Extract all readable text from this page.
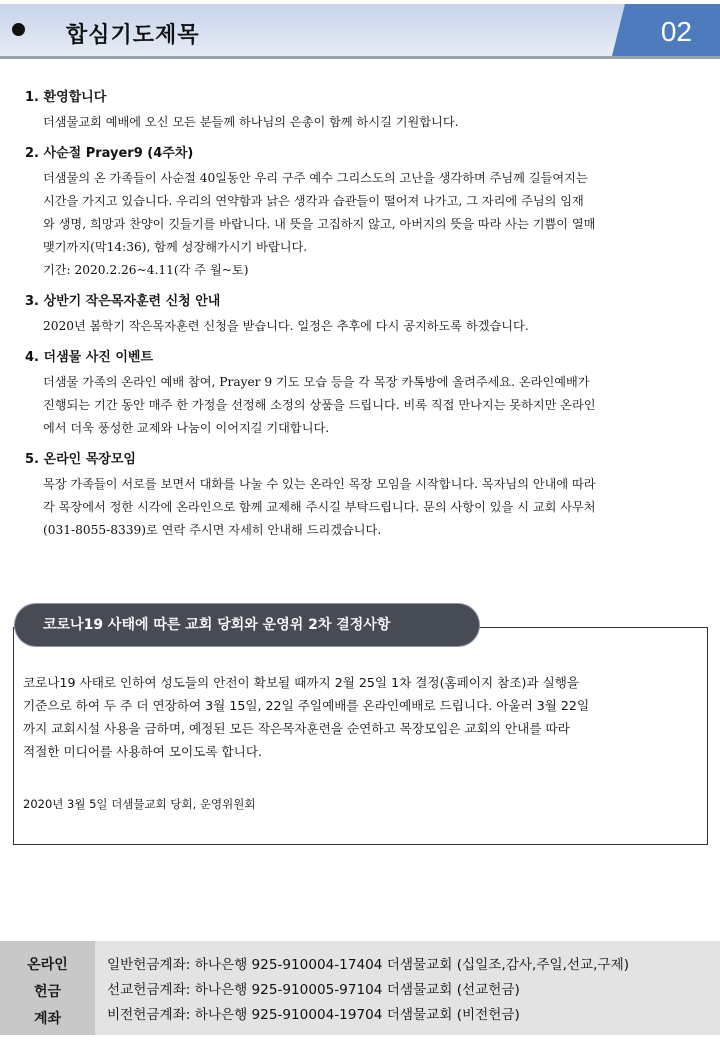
합심기도제목	02
1. 환영합니다

더샘물교회 예배에 오신 모든 분들께 하나님의 은총이 함께 하시길 기원합니다.

2. 사순절 Prayer9 (4주차)

더샘물의 온 가족들이 사순절 40일동안 우리 구주 예수 그리스도의 고난을 생각하며 주님께 길들여지는

시간을 가지고 있습니다. 우리의 연약함과 낡은 생각과 습관들이 떨어져 나가고, 그 자리에 주님의 임재

와 생명, 희망과 찬양이 깃들기를 바랍니다. 내 뜻을 고집하지 않고, 아버지의 뜻을 따라 사는 기쁨이 열매

맺기까지(막14:36), 함께 성장해가시기 바랍니다.

기간: 2020.2.26~4.11(각 주 월~토)

3. 상반기 작은목자훈련 신청 안내

2020년 봄학기 작은목자훈련 신청을 받습니다. 일정은 추후에 다시 공지하도록 하겠습니다.

4. 더샘물 사진 이벤트

더샘물 가족의 온라인 예배 참여, Prayer 9 기도 모습 등을 각 목장 카톡방에 올려주세요. 온라인예배가

진행되는 기간 동안 매주 한 가정을 선정해 소정의 상품을 드립니다. 비록 직접 만나지는 못하지만 온라인

에서 더욱 풍성한 교제와 나눔이 이어지길 기대합니다.

5. 온라인 목장모임

목장 가족들이 서로를 보면서 대화를 나눌 수 있는 온라인 목장 모임을 시작합니다. 목자님의 안내에 따라

각 목장에서 정한 시각에 온라인으로 함께 교제해 주시길 부탁드립니다. 문의 사항이 있을 시 교회 사무처

(031-8055-8339)로 연락 주시면 자세히 안내해 드리겠습니다.

코로나19 사태에 따른 교회 당회와 운영위 2차 결정사항

코로나19 사태로 인하여 성도들의 안전이 확보될 때까지 2월 25일 1차 결정(홈페이지 참조)과 실행을

기준으로 하여 두 주 더 연장하여 3월 15일, 22일 주일예배를 온라인예배로 드립니다. 아울러 3월 22일

까지 교회시설 사용을 금하며, 예정된 모든 작은목자훈련을 순연하고 목장모임은 교회의 안내를 따라

적절한 미디어를 사용하여 모이도록 합니다.

2020년 3월 5일 더샘물교회 당회, 운영위원회
온라인
헌금
계좌
일반헌금계좌: 하나은행 925-910004-17404 더샘물교회 (십일조,감사,주일,선교,구제)
선교헌금계좌: 하나은행 925-910005-97104 더샘물교회 (선교헌금)
비전헌금계좌: 하나은행 925-910004-19704 더샘물교회 (비전헌금)
